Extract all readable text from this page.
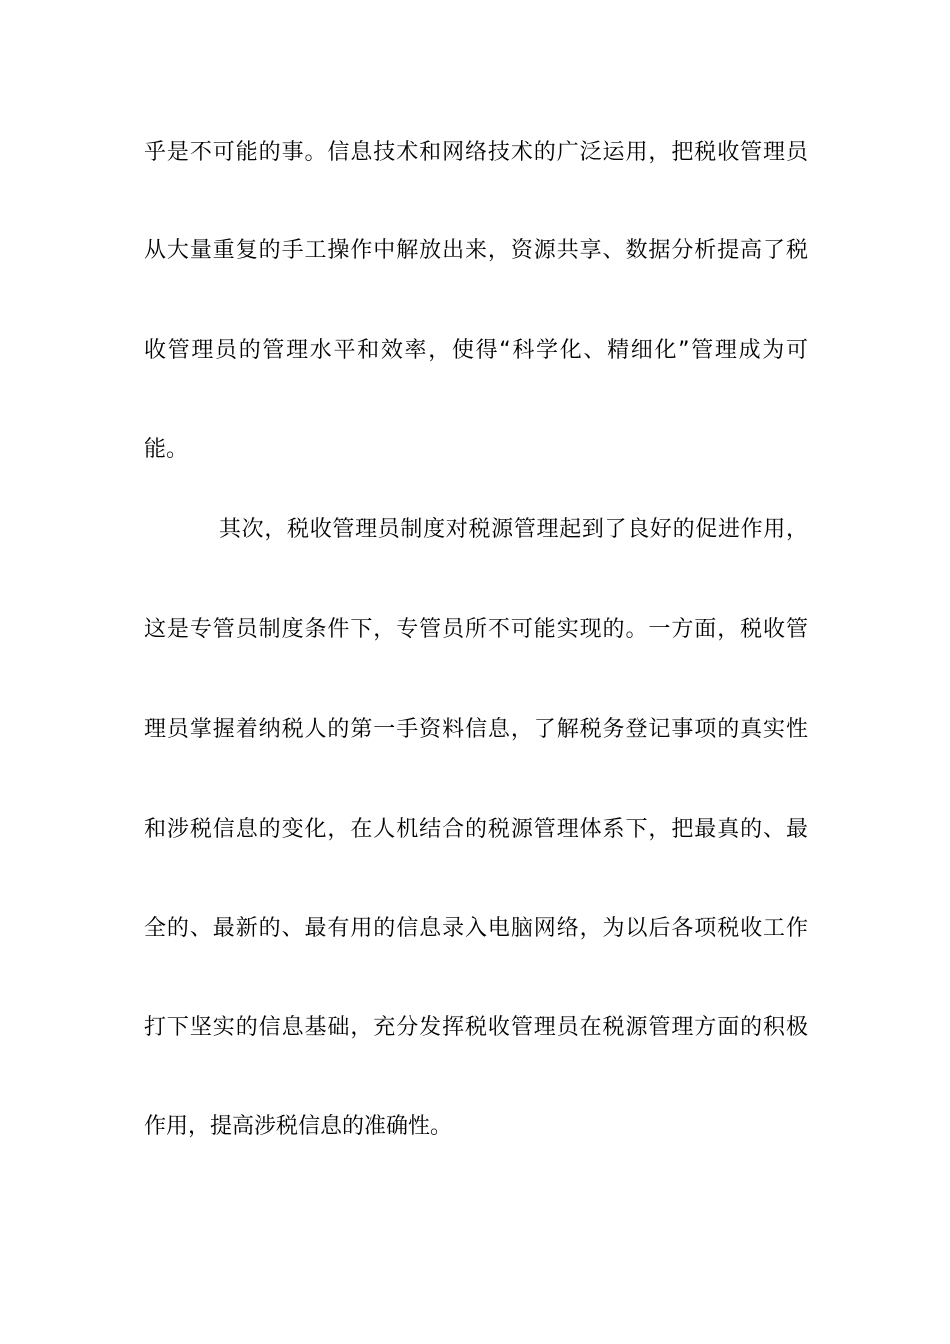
乎是不可能的事。信息技术和网络技术的广泛运用，把税收管理员
从大量重复的手工操作中解放出来，资源共享、数据分析提高了税
收管理员的管理水平和效率，使得“科学化、精细化”管理成为可
能。
其次，税收管理员制度对税源管理起到了良好的促进作用，
这是专管员制度条件下，专管员所不可能实现的。一方面，税收管
理员掌握着纳税人的第一手资料信息，了解税务登记事项的真实性
和涉税信息的变化，在人机结合的税源管理体系下，把最真的、最
全的、最新的、最有用的信息录入电脑网络，为以后各项税收工作
打下坚实的信息基础，充分发挥税收管理员在税源管理方面的积极
作用，提高涉税信息的准确性。
